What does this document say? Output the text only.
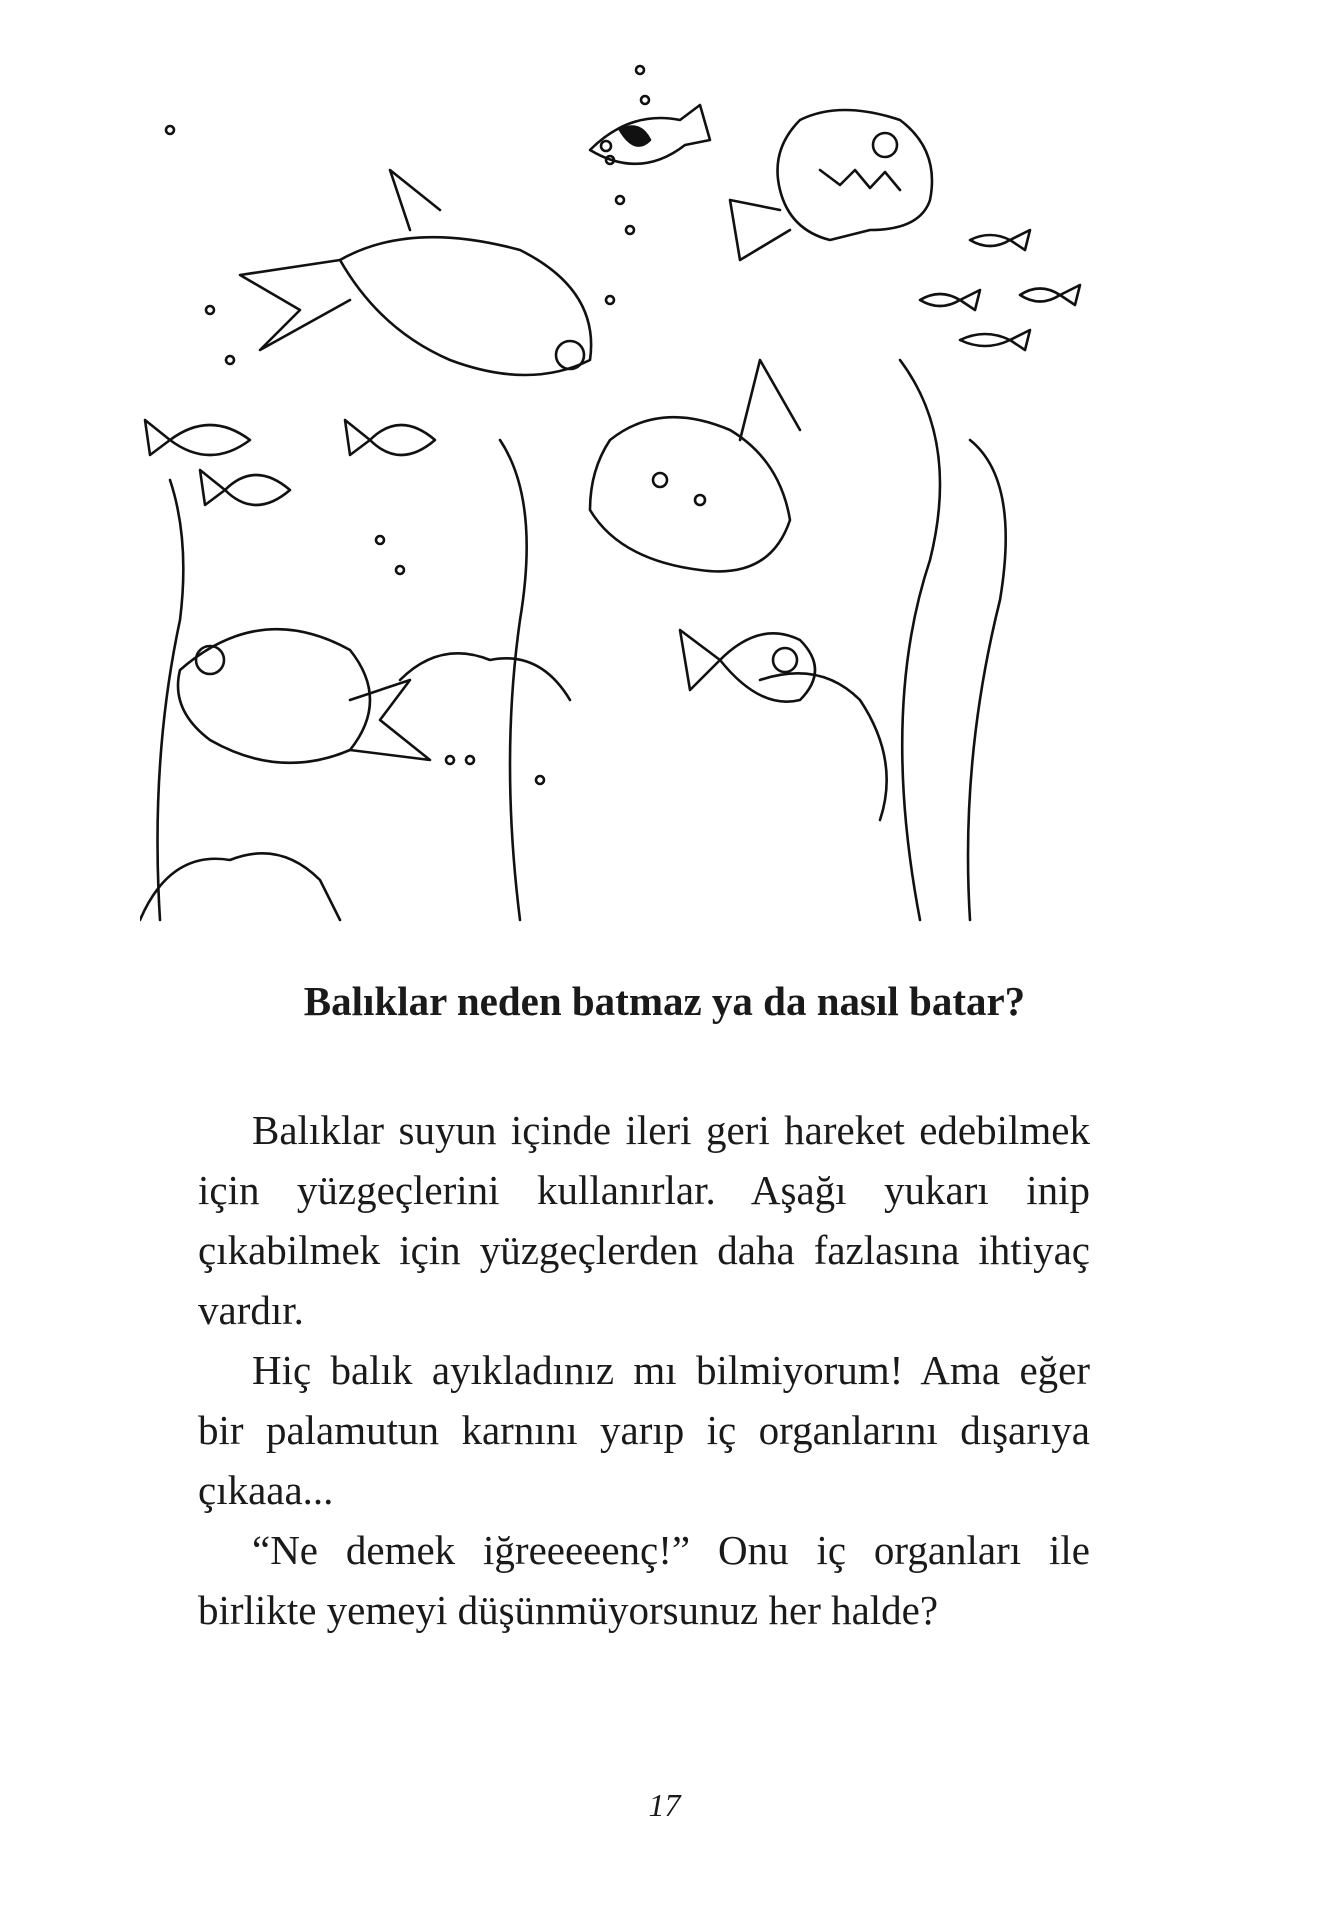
Balıklar neden batmaz ya da nasıl batar?

Balıklar suyun içinde ileri geri hareket edebilmek için yüzgeçlerini kullanırlar. Aşağı yukarı inip çıkabilmek için yüzgeçlerden daha fazlasına ihtiyaç vardır.

Hiç balık ayıkladınız mı bilmiyorum! Ama eğer bir palamutun karnını yarıp iç organlarını dışarıya çıkaaa...

“Ne demek iğreeeeenç!” Onu iç organları ile birlikte yemeyi düşünmüyorsunuz her halde?

17
